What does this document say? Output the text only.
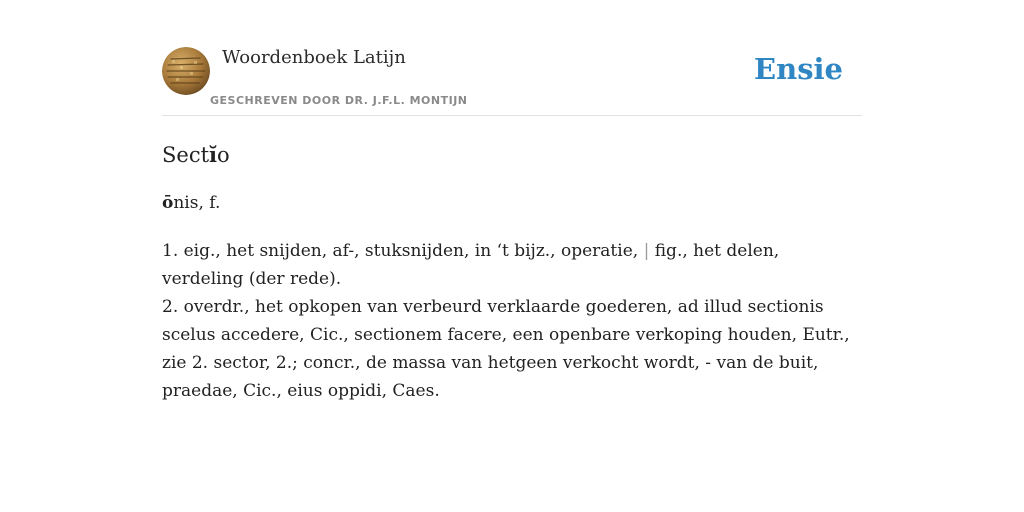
Woordenboek Latijn
GESCHREVEN DOOR DR. J.F.L. MONTIJN
Ensie
Sectĭo

ōnis, f.

1. eig., het snijden, af-, stuksnijden, in ‘t bijz., operatie, | fig., het delen, verdeling (der rede).

2. overdr., het opkopen van verbeurd verklaarde goederen, ad illud sectionis scelus accedere, Cic., sectionem facere, een openbare verkoping houden, Eutr., zie 2. sector, 2.; concr., de massa van hetgeen verkocht wordt, - van de buit, praedae, Cic., eius oppidi, Caes.
